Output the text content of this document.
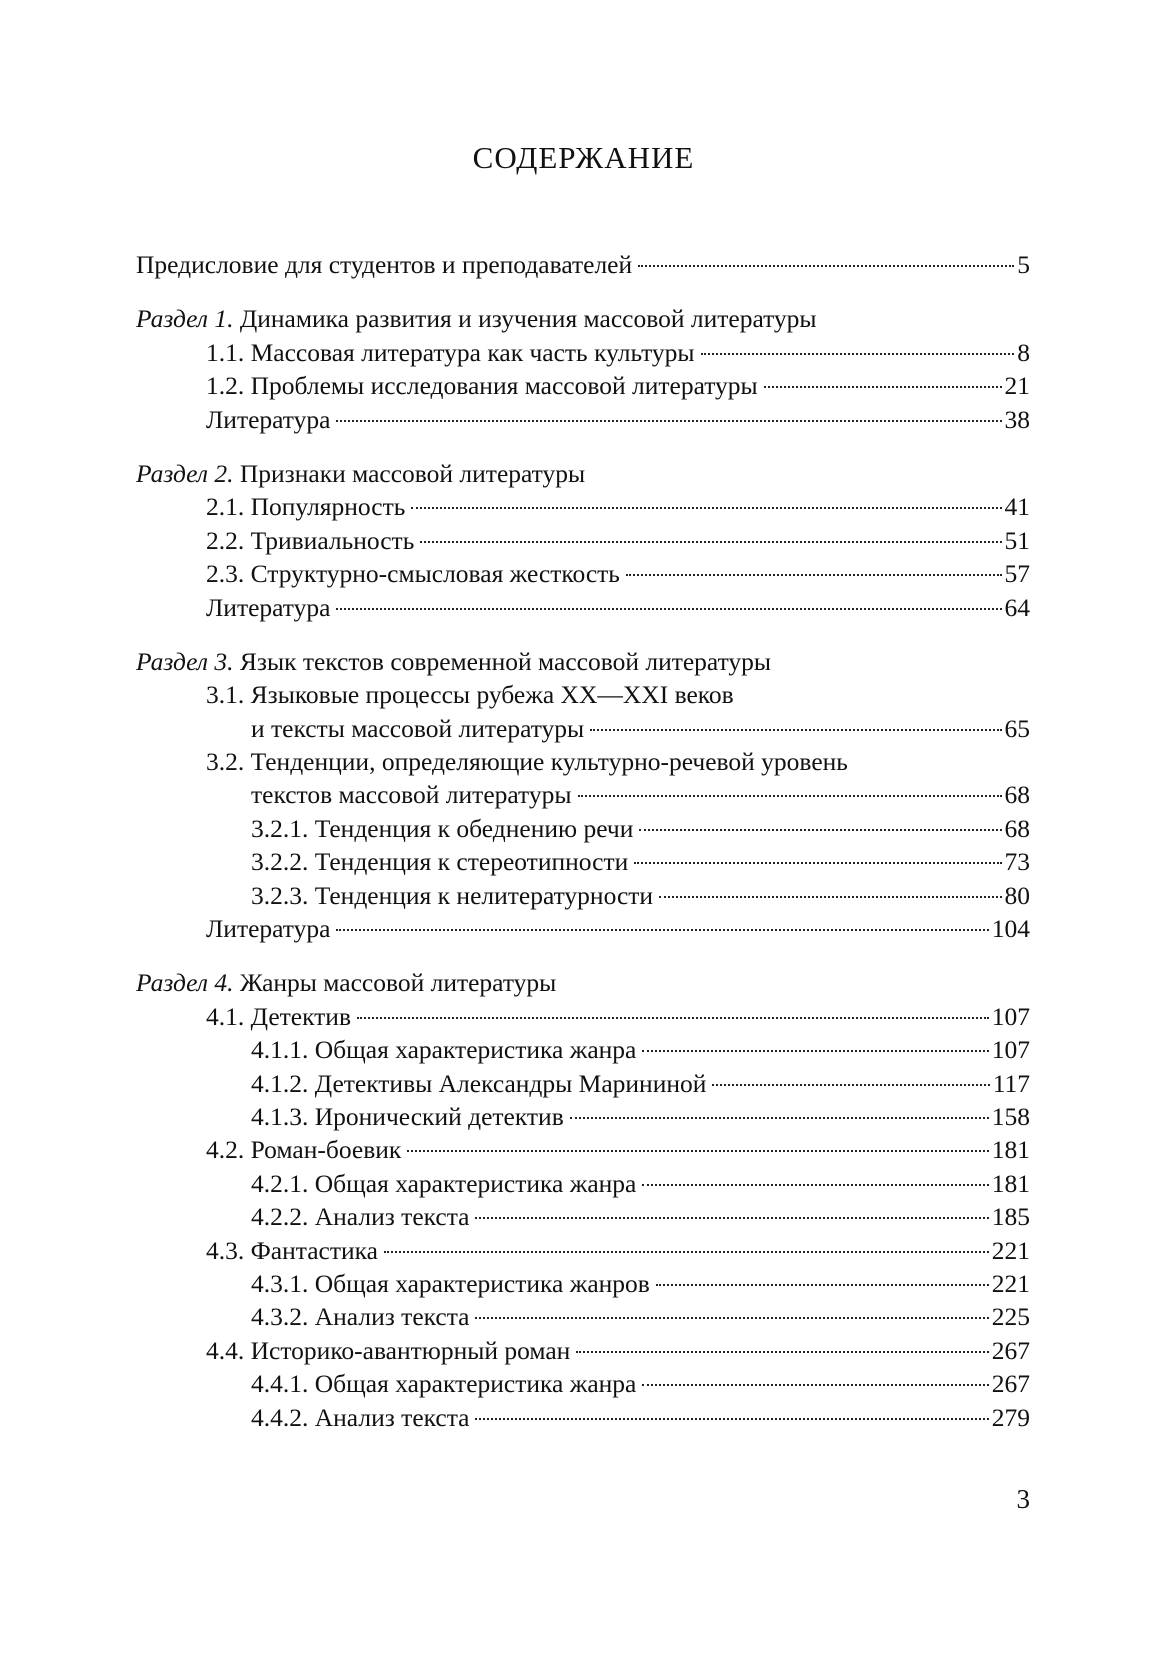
СОДЕРЖАНИЕ
Предисловие для студентов и преподавателей	5
Раздел 1. Динамика развития и изучения массовой литературы
1.1. Массовая литература как часть культуры	8
1.2. Проблемы исследования массовой литературы	21
Литература	38
Раздел 2. Признаки массовой литературы
2.1. Популярность	41
2.2. Тривиальность	51
2.3. Структурно-смысловая жесткость	57
Литература	64
Раздел 3. Язык текстов современной массовой литературы
3.1. Языковые процессы рубежа XX—XXI веков
и тексты массовой литературы	65
3.2. Тенденции, определяющие культурно-речевой уровень
текстов массовой литературы	68
3.2.1. Тенденция к обеднению речи	68
3.2.2. Тенденция к стереотипности	73
3.2.3. Тенденция к нелитературности	80
Литература	104
Раздел 4. Жанры массовой литературы
4.1. Детектив	107
4.1.1. Общая характеристика жанра	107
4.1.2. Детективы Александры Марининой	117
4.1.3. Иронический детектив	158
4.2. Роман-боевик	181
4.2.1. Общая характеристика жанра	181
4.2.2. Анализ текста	185
4.3. Фантастика	221
4.3.1. Общая характеристика жанров	221
4.3.2. Анализ текста	225
4.4. Историко-авантюрный роман	267
4.4.1. Общая характеристика жанра	267
4.4.2. Анализ текста	279
3
